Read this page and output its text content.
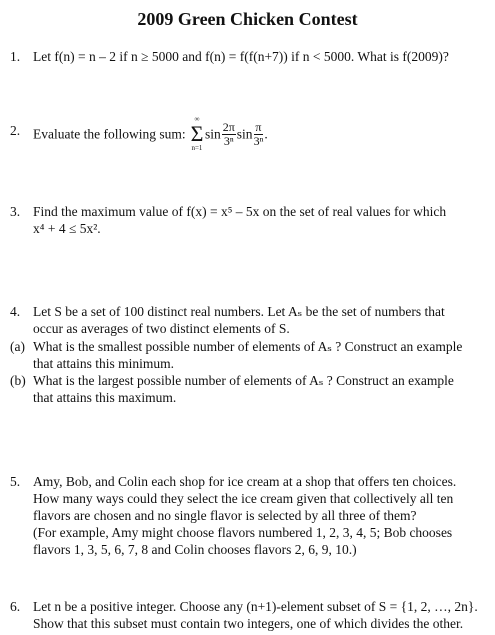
2009 Green Chicken Contest
1. Let f(n) = n – 2 if n ≥ 5000 and f(n) = f(f(n+7)) if n < 5000. What is f(2009)?
2. Evaluate the following sum:
∞
Σ
n=1
$\sin \frac{2\pi}{\text{3ⁿ}}$ $\sin \frac{\pi}{\text{3ⁿ}}$ .
3. Find the maximum value of f(x) = x⁵ – 5x on the set of real values for which
x⁴ + 4 ≤ 5x².
4. Let S be a set of 100 distinct real numbers. Let Aₛ be the set of numbers that
occur as averages of two distinct elements of S.
(a) What is the smallest possible number of elements of Aₛ ? Construct an example
that attains this minimum.
(b) What is the largest possible number of elements of Aₛ ? Construct an example
that attains this maximum.
5. Amy, Bob, and Colin each shop for ice cream at a shop that offers ten choices.
How many ways could they select the ice cream given that collectively all ten
flavors are chosen and no single flavor is selected by all three of them?
(For example, Amy might choose flavors numbered 1, 2, 3, 4, 5; Bob chooses
flavors 1, 3, 5, 6, 7, 8 and Colin chooses flavors 2, 6, 9, 10.)
6. Let n be a positive integer. Choose any (n+1)-element subset of S = {1, 2, …, 2n}.
Show that this subset must contain two integers, one of which divides the other.
